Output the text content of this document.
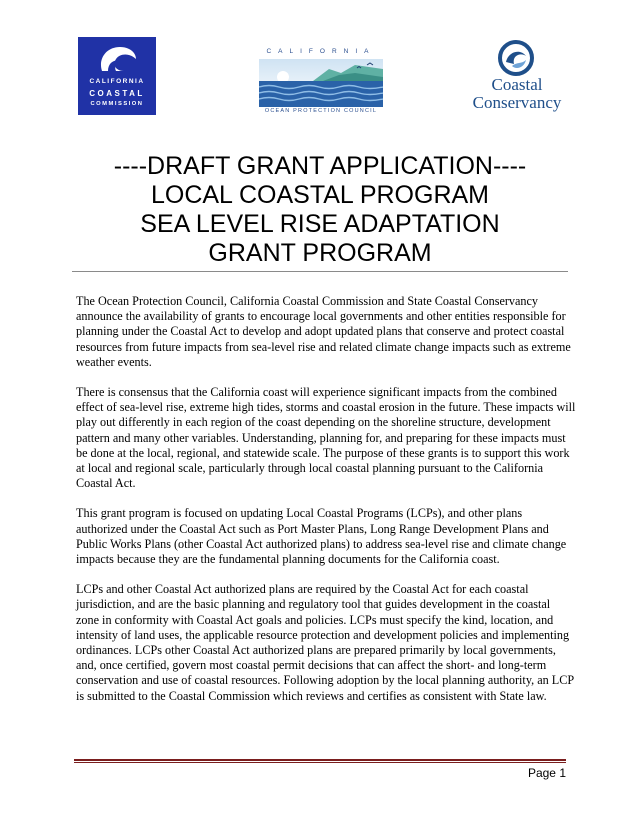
CALIFORNIA
COASTAL
COMMISSION
CALIFORNIA
OCEAN PROTECTION COUNCIL
Coastal
Conservancy
----DRAFT GRANT APPLICATION----
LOCAL COASTAL PROGRAM
SEA LEVEL RISE ADAPTATION
GRANT PROGRAM

The Ocean Protection Council, California Coastal Commission and State Coastal Conservancy announce the availability of grants to encourage local governments and other entities responsible for planning under the Coastal Act to develop and adopt updated plans that conserve and protect coastal resources from future impacts from sea-level rise and related climate change impacts such as extreme weather events.

There is consensus that the California coast will experience significant impacts from the combined effect of sea-level rise, extreme high tides, storms and coastal erosion in the future. These impacts will play out differently in each region of the coast depending on the shoreline structure, development pattern and many other variables. Understanding, planning for, and preparing for these impacts must be done at the local, regional, and statewide scale. The purpose of these grants is to support this work at local and regional scale, particularly through local coastal planning pursuant to the California Coastal Act.

This grant program is focused on updating Local Coastal Programs (LCPs), and other plans authorized under the Coastal Act such as Port Master Plans, Long Range Development Plans and Public Works Plans (other Coastal Act authorized plans) to address sea-level rise and climate change impacts because they are the fundamental planning documents for the California coast.

LCPs and other Coastal Act authorized plans are required by the Coastal Act for each coastal jurisdiction, and are the basic planning and regulatory tool that guides development in the coastal zone in conformity with Coastal Act goals and policies. LCPs must specify the kind, location, and intensity of land uses, the applicable resource protection and development policies and implementing ordinances. LCPs other Coastal Act authorized plans are prepared primarily by local governments, and, once certified, govern most coastal permit decisions that can affect the short- and long-term conservation and use of coastal resources. Following adoption by the local planning authority, an LCP is submitted to the Coastal Commission which reviews and certifies as consistent with State law.

Page 1
